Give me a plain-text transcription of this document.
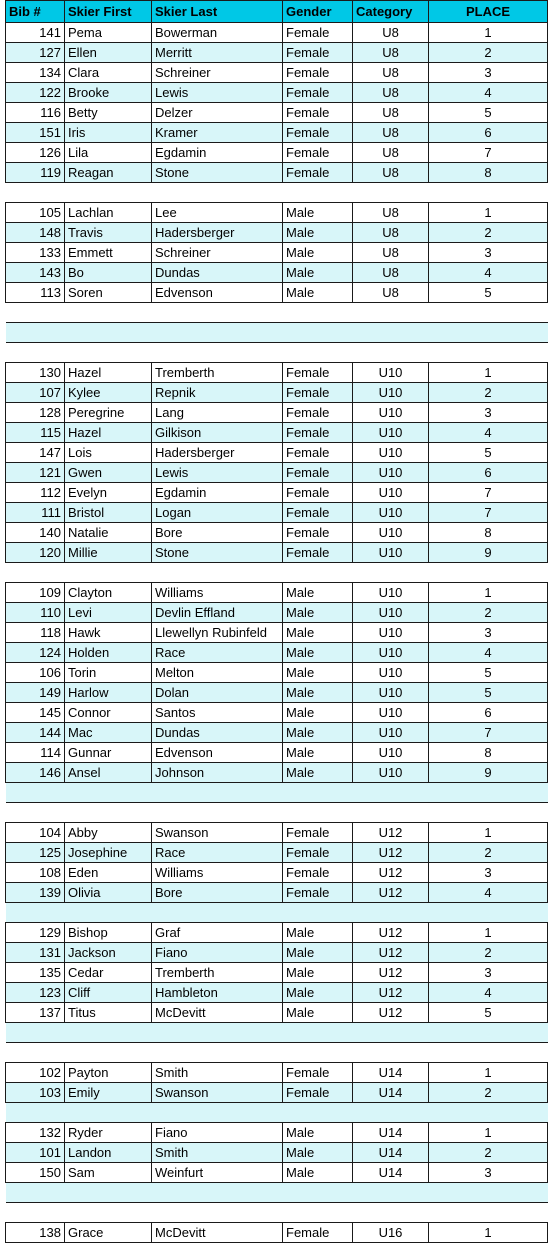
Bib #	Skier First	Skier Last	Gender	Category	PLACE
141	Pema	Bowerman	Female	U8	1
127	Ellen	Merritt	Female	U8	2
134	Clara	Schreiner	Female	U8	3
122	Brooke	Lewis	Female	U8	4
116	Betty	Delzer	Female	U8	5
151	Iris	Kramer	Female	U8	6
126	Lila	Egdamin	Female	U8	7
119	Reagan	Stone	Female	U8	8

105	Lachlan	Lee	Male	U8	1
148	Travis	Hadersberger	Male	U8	2
133	Emmett	Schreiner	Male	U8	3
143	Bo	Dundas	Male	U8	4
113	Soren	Edvenson	Male	U8	5

130	Hazel	Tremberth	Female	U10	1
107	Kylee	Repnik	Female	U10	2
128	Peregrine	Lang	Female	U10	3
115	Hazel	Gilkison	Female	U10	4
147	Lois	Hadersberger	Female	U10	5
121	Gwen	Lewis	Female	U10	6
112	Evelyn	Egdamin	Female	U10	7
111	Bristol	Logan	Female	U10	7
140	Natalie	Bore	Female	U10	8
120	Millie	Stone	Female	U10	9

109	Clayton	Williams	Male	U10	1
110	Levi	Devlin Effland	Male	U10	2
118	Hawk	Llewellyn Rubinfeld	Male	U10	3
124	Holden	Race	Male	U10	4
106	Torin	Melton	Male	U10	5
149	Harlow	Dolan	Male	U10	5
145	Connor	Santos	Male	U10	6
144	Mac	Dundas	Male	U10	7
114	Gunnar	Edvenson	Male	U10	8
146	Ansel	Johnson	Male	U10	9

104	Abby	Swanson	Female	U12	1
125	Josephine	Race	Female	U12	2
108	Eden	Williams	Female	U12	3
139	Olivia	Bore	Female	U12	4

129	Bishop	Graf	Male	U12	1
131	Jackson	Fiano	Male	U12	2
135	Cedar	Tremberth	Male	U12	3
123	Cliff	Hambleton	Male	U12	4
137	Titus	McDevitt	Male	U12	5

102	Payton	Smith	Female	U14	1
103	Emily	Swanson	Female	U14	2

132	Ryder	Fiano	Male	U14	1
101	Landon	Smith	Male	U14	2
150	Sam	Weinfurt	Male	U14	3

138	Grace	McDevitt	Female	U16	1
